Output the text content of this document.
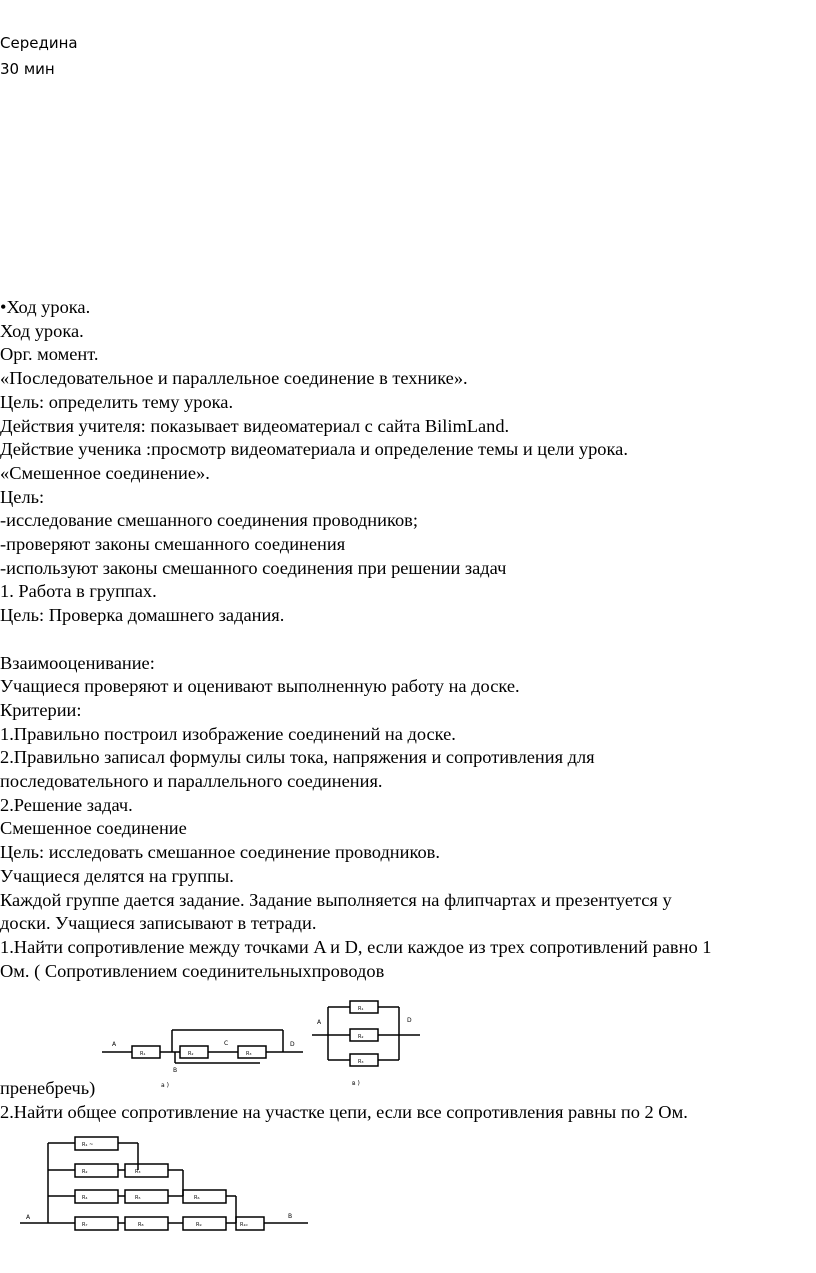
Середина
30 мин
•Ход урока.
Ход урока.
Орг. момент.
«Последовательное и параллельное соединение в технике».
Цель: определить тему урока.
Действия учителя: показывает видеоматериал с сайта BilimLand.
Действие ученика :просмотр видеоматериала и определение темы и цели урока.
«Смешенное соединение».
Цель:
-исследование смешанного соединения проводников;
-проверяют законы смешанного соединения
-используют законы смешанного соединения при решении задач
1. Работа в группах.
Цель: Проверка домашнего задания.
Взаимооценивание:
Учащиеся проверяют и оценивают выполненную работу на доске.
Критерии:
1.Правильно построил изображение соединений на доске.
2.Правильно записал формулы силы тока, напряжения и сопротивления для
последовательного и параллельного соединения.
2.Решение задач.
Смешенное соединение
Цель: исследовать смешанное соединение проводников.
Учащиеся делятся на группы.
Каждой группе дается задание. Задание выполняется на флипчартах и презентуется у
доски. Учащиеся записывают в тетради.
1.Найти сопротивление между точками A и D, если каждое из трех сопротивлений равно 1
Ом. ( Сопротивлением соединительныхпроводов
A
B
C	D
R₁	R₂	R₃
а )
A	D
R₁
R₂
R₃
в )
пренебречь)
2.Найти общее сопротивление на участке цепи, если все сопротивления равны по 2 Ом.
A	B
R₁ ~
R₂	R₃
R₄	R₅	R₆
R₇	R₈	R₉	R₁₀
